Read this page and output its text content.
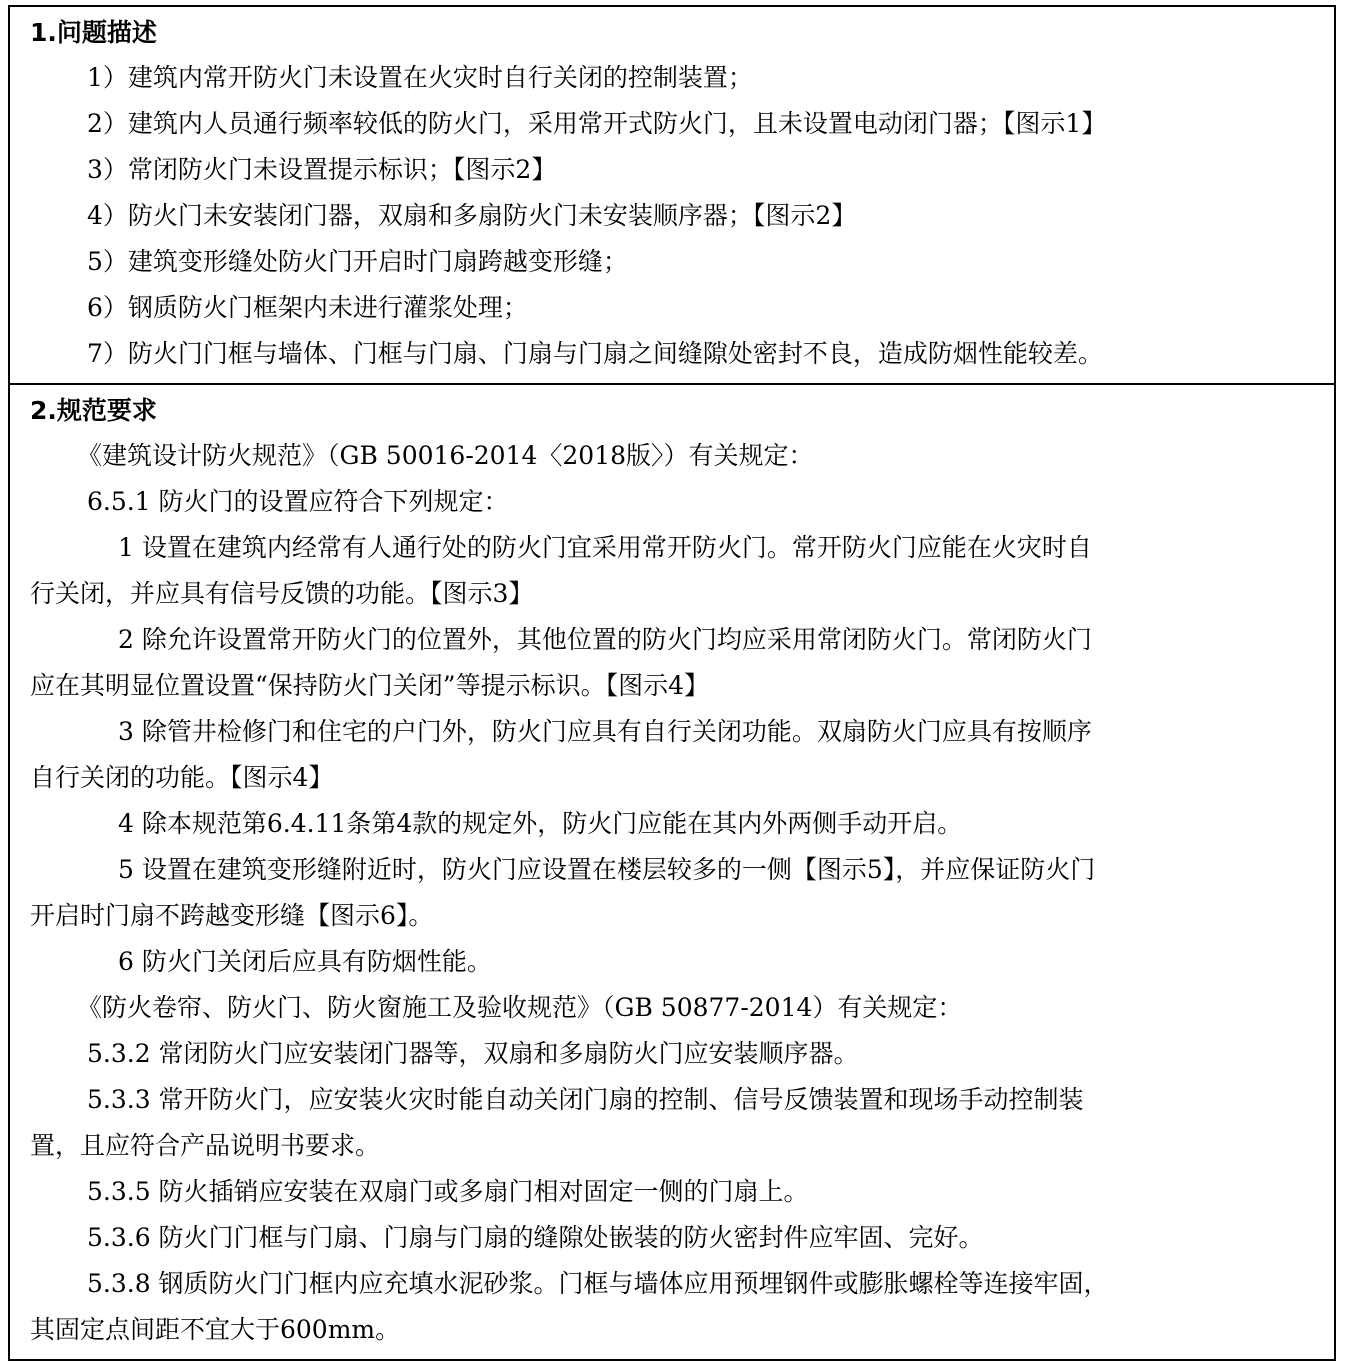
1.问题描述
1）建筑内常开防火门未设置在火灾时自行关闭的控制装置；
2）建筑内人员通行频率较低的防火门，采用常开式防火门，且未设置电动闭门器；【图示1】
3）常闭防火门未设置提示标识；【图示2】
4）防火门未安装闭门器，双扇和多扇防火门未安装顺序器；【图示2】
5）建筑变形缝处防火门开启时门扇跨越变形缝；
6）钢质防火门框架内未进行灌浆处理；
7）防火门门框与墙体、门框与门扇、门扇与门扇之间缝隙处密封不良，造成防烟性能较差。
2.规范要求
《建筑设计防火规范》（GB 50016-2014〈2018版〉）有关规定：
6.5.1 防火门的设置应符合下列规定：
1 设置在建筑内经常有人通行处的防火门宜采用常开防火门。常开防火门应能在火灾时自
行关闭，并应具有信号反馈的功能。【图示3】
2 除允许设置常开防火门的位置外，其他位置的防火门均应采用常闭防火门。常闭防火门
应在其明显位置设置“保持防火门关闭”等提示标识。【图示4】
3 除管井检修门和住宅的户门外，防火门应具有自行关闭功能。双扇防火门应具有按顺序
自行关闭的功能。【图示4】
4 除本规范第6.4.11条第4款的规定外，防火门应能在其内外两侧手动开启。
5 设置在建筑变形缝附近时，防火门应设置在楼层较多的一侧【图示5】，并应保证防火门
开启时门扇不跨越变形缝【图示6】。
6 防火门关闭后应具有防烟性能。
《防火卷帘、防火门、防火窗施工及验收规范》（GB 50877-2014）有关规定：
5.3.2 常闭防火门应安装闭门器等，双扇和多扇防火门应安装顺序器。
5.3.3 常开防火门，应安装火灾时能自动关闭门扇的控制、信号反馈装置和现场手动控制装
置，且应符合产品说明书要求。
5.3.5 防火插销应安装在双扇门或多扇门相对固定一侧的门扇上。
5.3.6 防火门门框与门扇、门扇与门扇的缝隙处嵌装的防火密封件应牢固、完好。
5.3.8 钢质防火门门框内应充填水泥砂浆。门框与墙体应用预埋钢件或膨胀螺栓等连接牢固，
其固定点间距不宜大于600mm。
